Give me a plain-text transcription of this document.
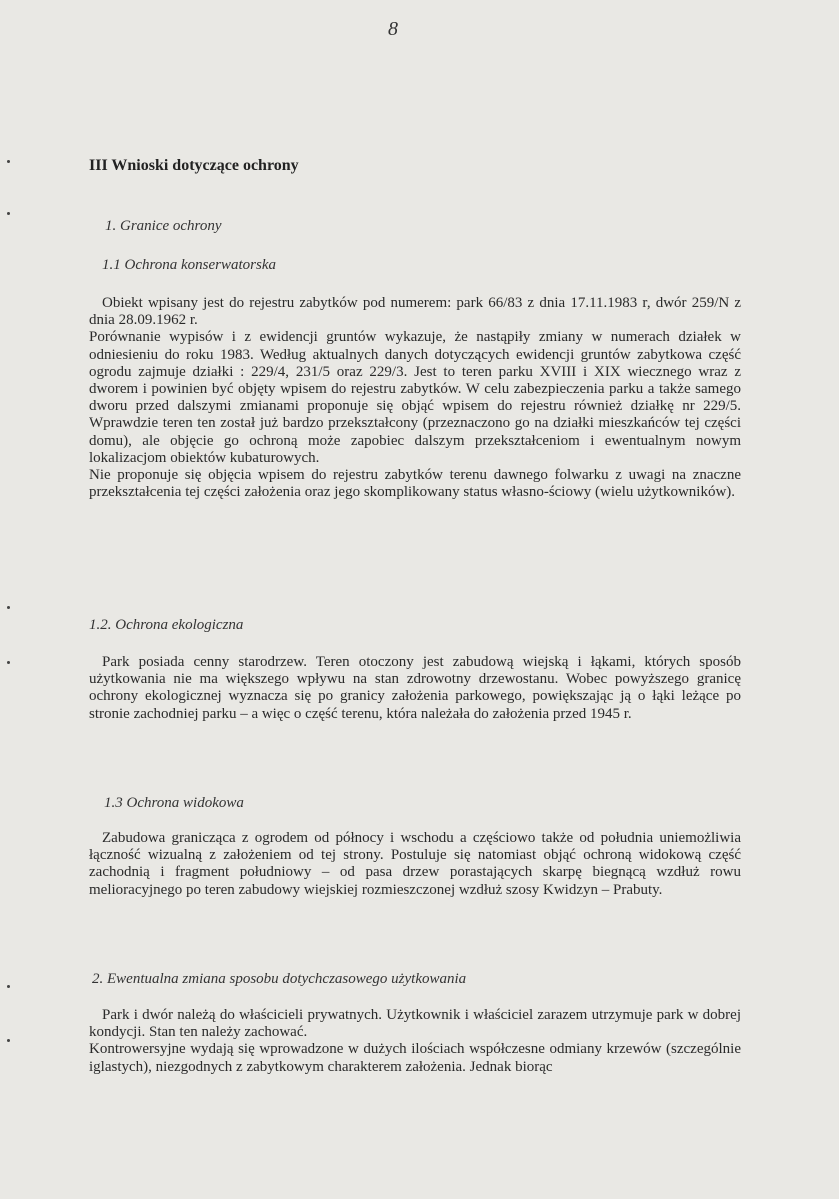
8
III Wnioski dotyczące ochrony
1. Granice ochrony
1.1 Ochrona konserwatorska

Obiekt wpisany jest do rejestru zabytków pod numerem: park 66/83 z dnia 17.11.1983 r, dwór 259/N z dnia 28.09.1962 r.

Porównanie wypisów i z ewidencji gruntów wykazuje, że nastąpiły zmiany w numerach działek w odniesieniu do roku 1983. Według aktualnych danych dotyczących ewidencji gruntów zabytkowa część ogrodu zajmuje działki : 229/4, 231/5 oraz 229/3. Jest to teren parku XVIII i XIX wiecznego wraz z dworem i powinien być objęty wpisem do rejestru zabytków. W celu zabezpieczenia parku a także samego dworu przed dalszymi zmianami proponuje się objąć wpisem do rejestru również działkę nr 229/5. Wprawdzie teren ten został już bardzo przekształcony (przeznaczono go na działki mieszkańców tej części domu), ale objęcie go ochroną może zapobiec dalszym przekształceniom i ewentualnym nowym lokalizacjom obiektów kubaturowych.

Nie proponuje się objęcia wpisem do rejestru zabytków terenu dawnego folwarku z uwagi na znaczne przekształcenia tej części założenia oraz jego skomplikowany status własno-ściowy (wielu użytkowników).

1.2. Ochrona ekologiczna

Park posiada cenny starodrzew. Teren otoczony jest zabudową wiejską i łąkami, których sposób użytkowania nie ma większego wpływu na stan zdrowotny drzewostanu. Wobec powyższego granicę ochrony ekologicznej wyznacza się po granicy założenia parkowego, powiększając ją o łąki leżące po stronie zachodniej parku – a więc o część terenu, która należała do założenia przed 1945 r.

1.3 Ochrona widokowa

Zabudowa granicząca z ogrodem od północy i wschodu a częściowo także od południa uniemożliwia łączność wizualną z założeniem od tej strony. Postuluje się natomiast objąć ochroną widokową część zachodnią i fragment południowy – od pasa drzew porastających skarpę biegnącą wzdłuż rowu melioracyjnego po teren zabudowy wiejskiej rozmieszczonej wzdłuż szosy Kwidzyn – Prabuty.

2. Ewentualna zmiana sposobu dotychczasowego użytkowania

Park i dwór należą do właścicieli prywatnych. Użytkownik i właściciel zarazem utrzymuje park w dobrej kondycji. Stan ten należy zachować.

Kontrowersyjne wydają się wprowadzone w dużych ilościach współczesne odmiany krzewów (szczególnie iglastych), niezgodnych z zabytkowym charakterem założenia. Jednak biorąc
